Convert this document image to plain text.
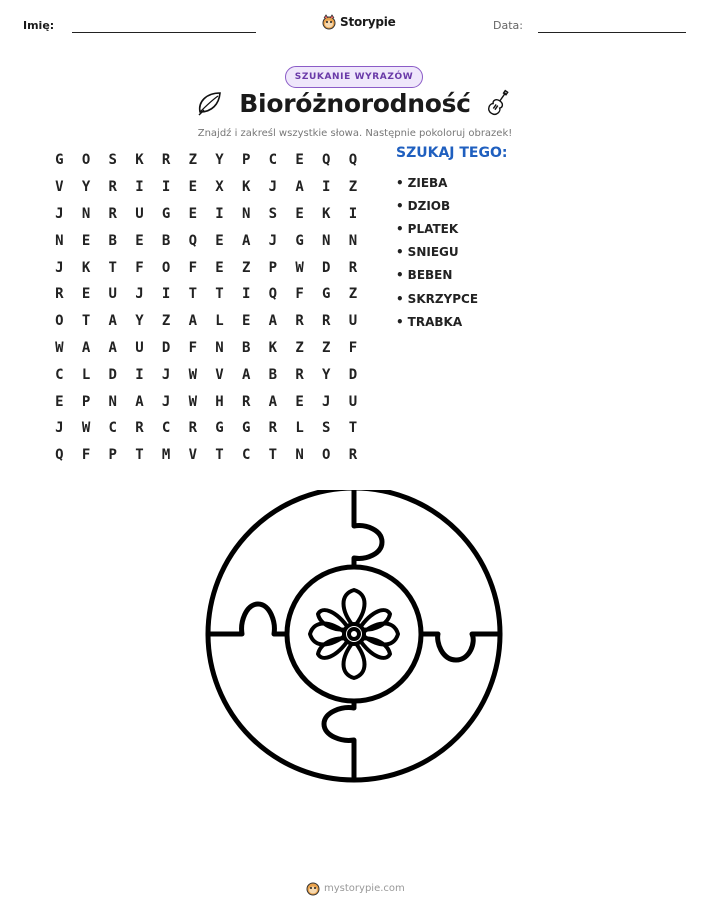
Imię:	Storypie	Data:
SZUKANIE WYRAZÓW
Bioróżnorodność
Znajdź i zakreśl wszystkie słowa. Następnie pokoloruj obrazek!
G	O	S	K	R	Z	Y	P	C	E	Q	Q
V	Y	R	I	I	E	X	K	J	A	I	Z
J	N	R	U	G	E	I	N	S	E	K	I
N	E	B	E	B	Q	E	A	J	G	N	N
J	K	T	F	O	F	E	Z	P	W	D	R
R	E	U	J	I	T	T	I	Q	F	G	Z
O	T	A	Y	Z	A	L	E	A	R	R	U
W	A	A	U	D	F	N	B	K	Z	Z	F
C	L	D	I	J	W	V	A	B	R	Y	D
E	P	N	A	J	W	H	R	A	E	J	U
J	W	C	R	C	R	G	G	R	L	S	T
Q	F	P	T	M	V	T	C	T	N	O	R
SZUKAJ TEGO:
• ZIEBA
• DZIOB
• PLATEK
• SNIEGU
• BEBEN
• SKRZYPCE
• TRABKA
mystorypie.com
